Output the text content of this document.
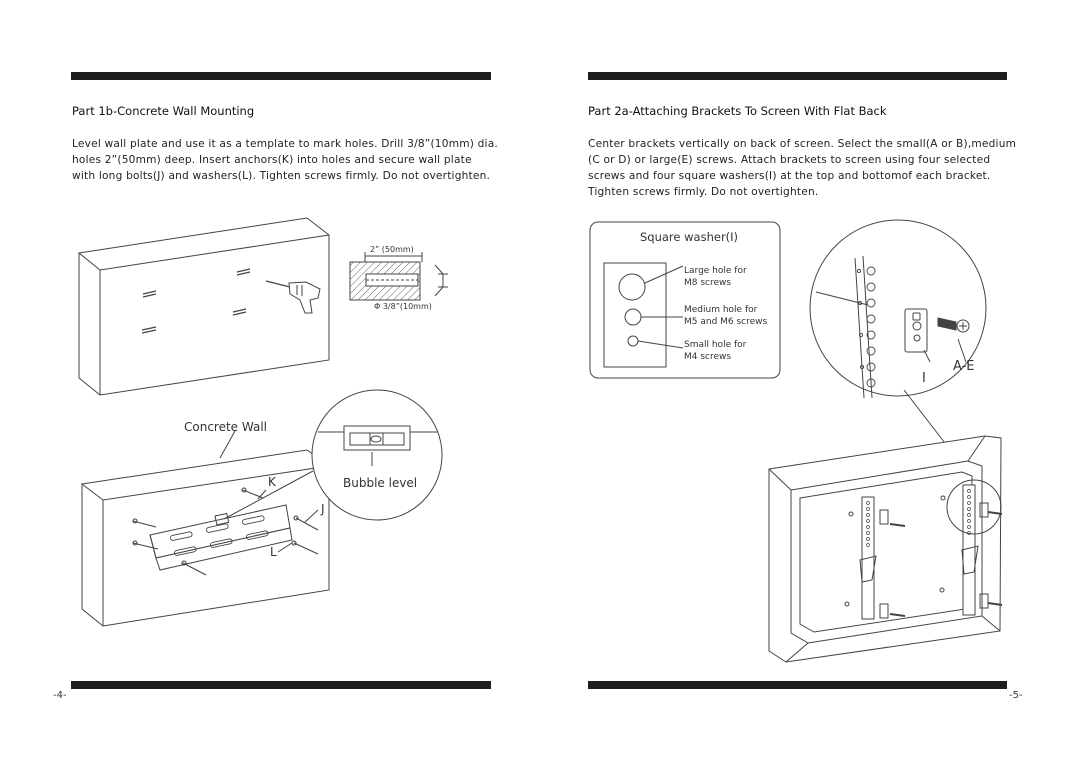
Part 1b-Concrete Wall Mounting
Level wall plate and use it as a template to mark holes. Drill 3/8”(10mm) dia.
holes 2”(50mm) deep. Insert anchors(K) into holes and secure wall plate
with long bolts(J) and washers(L). Tighten screws firmly. Do not overtighten.
Part 2a-Attaching Brackets To Screen With Flat Back
Center brackets vertically on back of screen. Select the small(A or B),medium
(C or D) or large(E) screws. Attach brackets to screen using four selected
screws and four square washers(I) at the top and bottomof each bracket.
Tighten screws firmly. Do not overtighten.
2” (50mm)
Φ 3/8”(10mm)
Concrete Wall
Bubble level
K
J
L
Square washer(I)
Large hole for
M8 screws
Medium hole for
M5 and M6 screws
Small hole for
M4 screws
I
A-E
-4-	-5-
